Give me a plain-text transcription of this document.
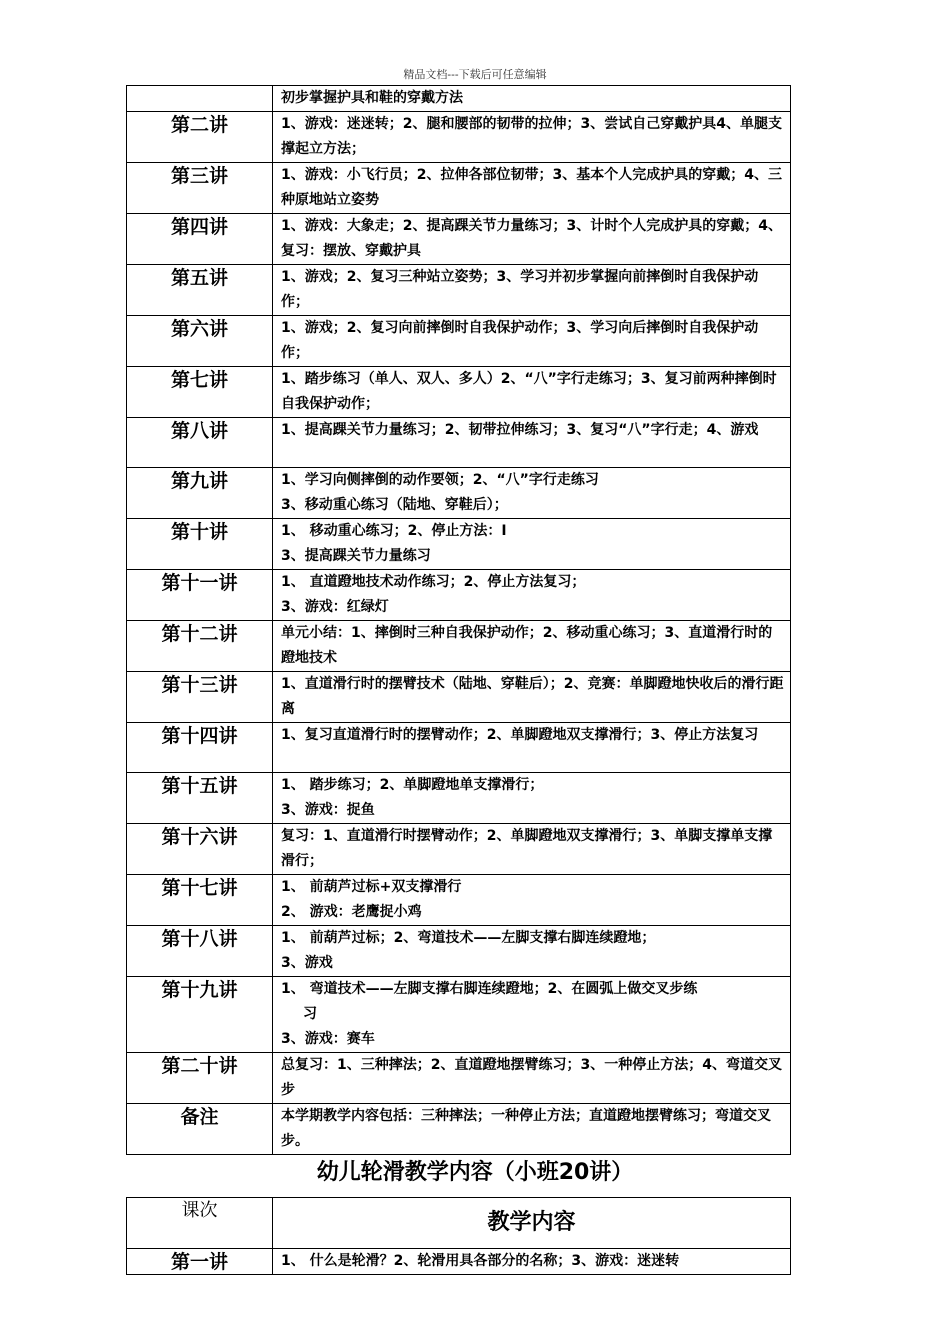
精品文档---下载后可任意编辑

	初步掌握护具和鞋的穿戴方法

第二讲	1、游戏：迷迷转；2、腿和腰部的韧带的拉伸；3、尝试自己穿戴护具4、单腿支撑起立方法；

第三讲	1、游戏：小飞行员；2、拉伸各部位韧带；3、基本个人完成护具的穿戴；4、三种原地站立姿势

第四讲	1、游戏：大象走；2、提高踝关节力量练习；3、计时个人完成护具的穿戴；4、复习：摆放、穿戴护具

第五讲	1、游戏；2、复习三种站立姿势；3、学习并初步掌握向前摔倒时自我保护动作；

第六讲	1、游戏；2、复习向前摔倒时自我保护动作；3、学习向后摔倒时自我保护动作；

第七讲	1、踏步练习（单人、双人、多人）2、“八”字行走练习；3、复习前两种摔倒时自我保护动作；

第八讲	1、提高踝关节力量练习；2、韧带拉伸练习；3、复习“八”字行走；4、游戏

第九讲	1、学习向侧摔倒的动作要领；2、“八”字行走练习
3、移动重心练习（陆地、穿鞋后）；

第十讲	1、 移动重心练习；2、停止方法：I
3、提高踝关节力量练习

第十一讲	1、 直道蹬地技术动作练习；2、停止方法复习；
3、游戏：红绿灯

第十二讲	单元小结：1、摔倒时三种自我保护动作；2、移动重心练习；3、直道滑行时的蹬地技术

第十三讲	1、直道滑行时的摆臂技术（陆地、穿鞋后）；2、竞赛：单脚蹬地快收后的滑行距离

第十四讲	1、复习直道滑行时的摆臂动作；2、单脚蹬地双支撑滑行；3、停止方法复习

第十五讲	1、 踏步练习；2、单脚蹬地单支撑滑行；
3、游戏：捉鱼

第十六讲	复习：1、直道滑行时摆臂动作；2、单脚蹬地双支撑滑行；3、单脚支撑单支撑滑行；

第十七讲	1、 前葫芦过标+双支撑滑行
2、 游戏：老鹰捉小鸡

第十八讲	1、 前葫芦过标；2、弯道技术——左脚支撑右脚连续蹬地；
3、游戏

第十九讲	1、 弯道技术——左脚支撑右脚连续蹬地；2、在圆弧上做交叉步练
习
3、游戏：赛车

第二十讲	总复习：1、三种摔法；2、直道蹬地摆臂练习；3、一种停止方法；4、弯道交叉步

备注	本学期教学内容包括：三种摔法；一种停止方法；直道蹬地摆臂练习；弯道交叉步。
幼儿轮滑教学内容（小班20讲）
课次	教学内容
第一讲	1、 什么是轮滑？2、轮滑用具各部分的名称；3、游戏：迷迷转
